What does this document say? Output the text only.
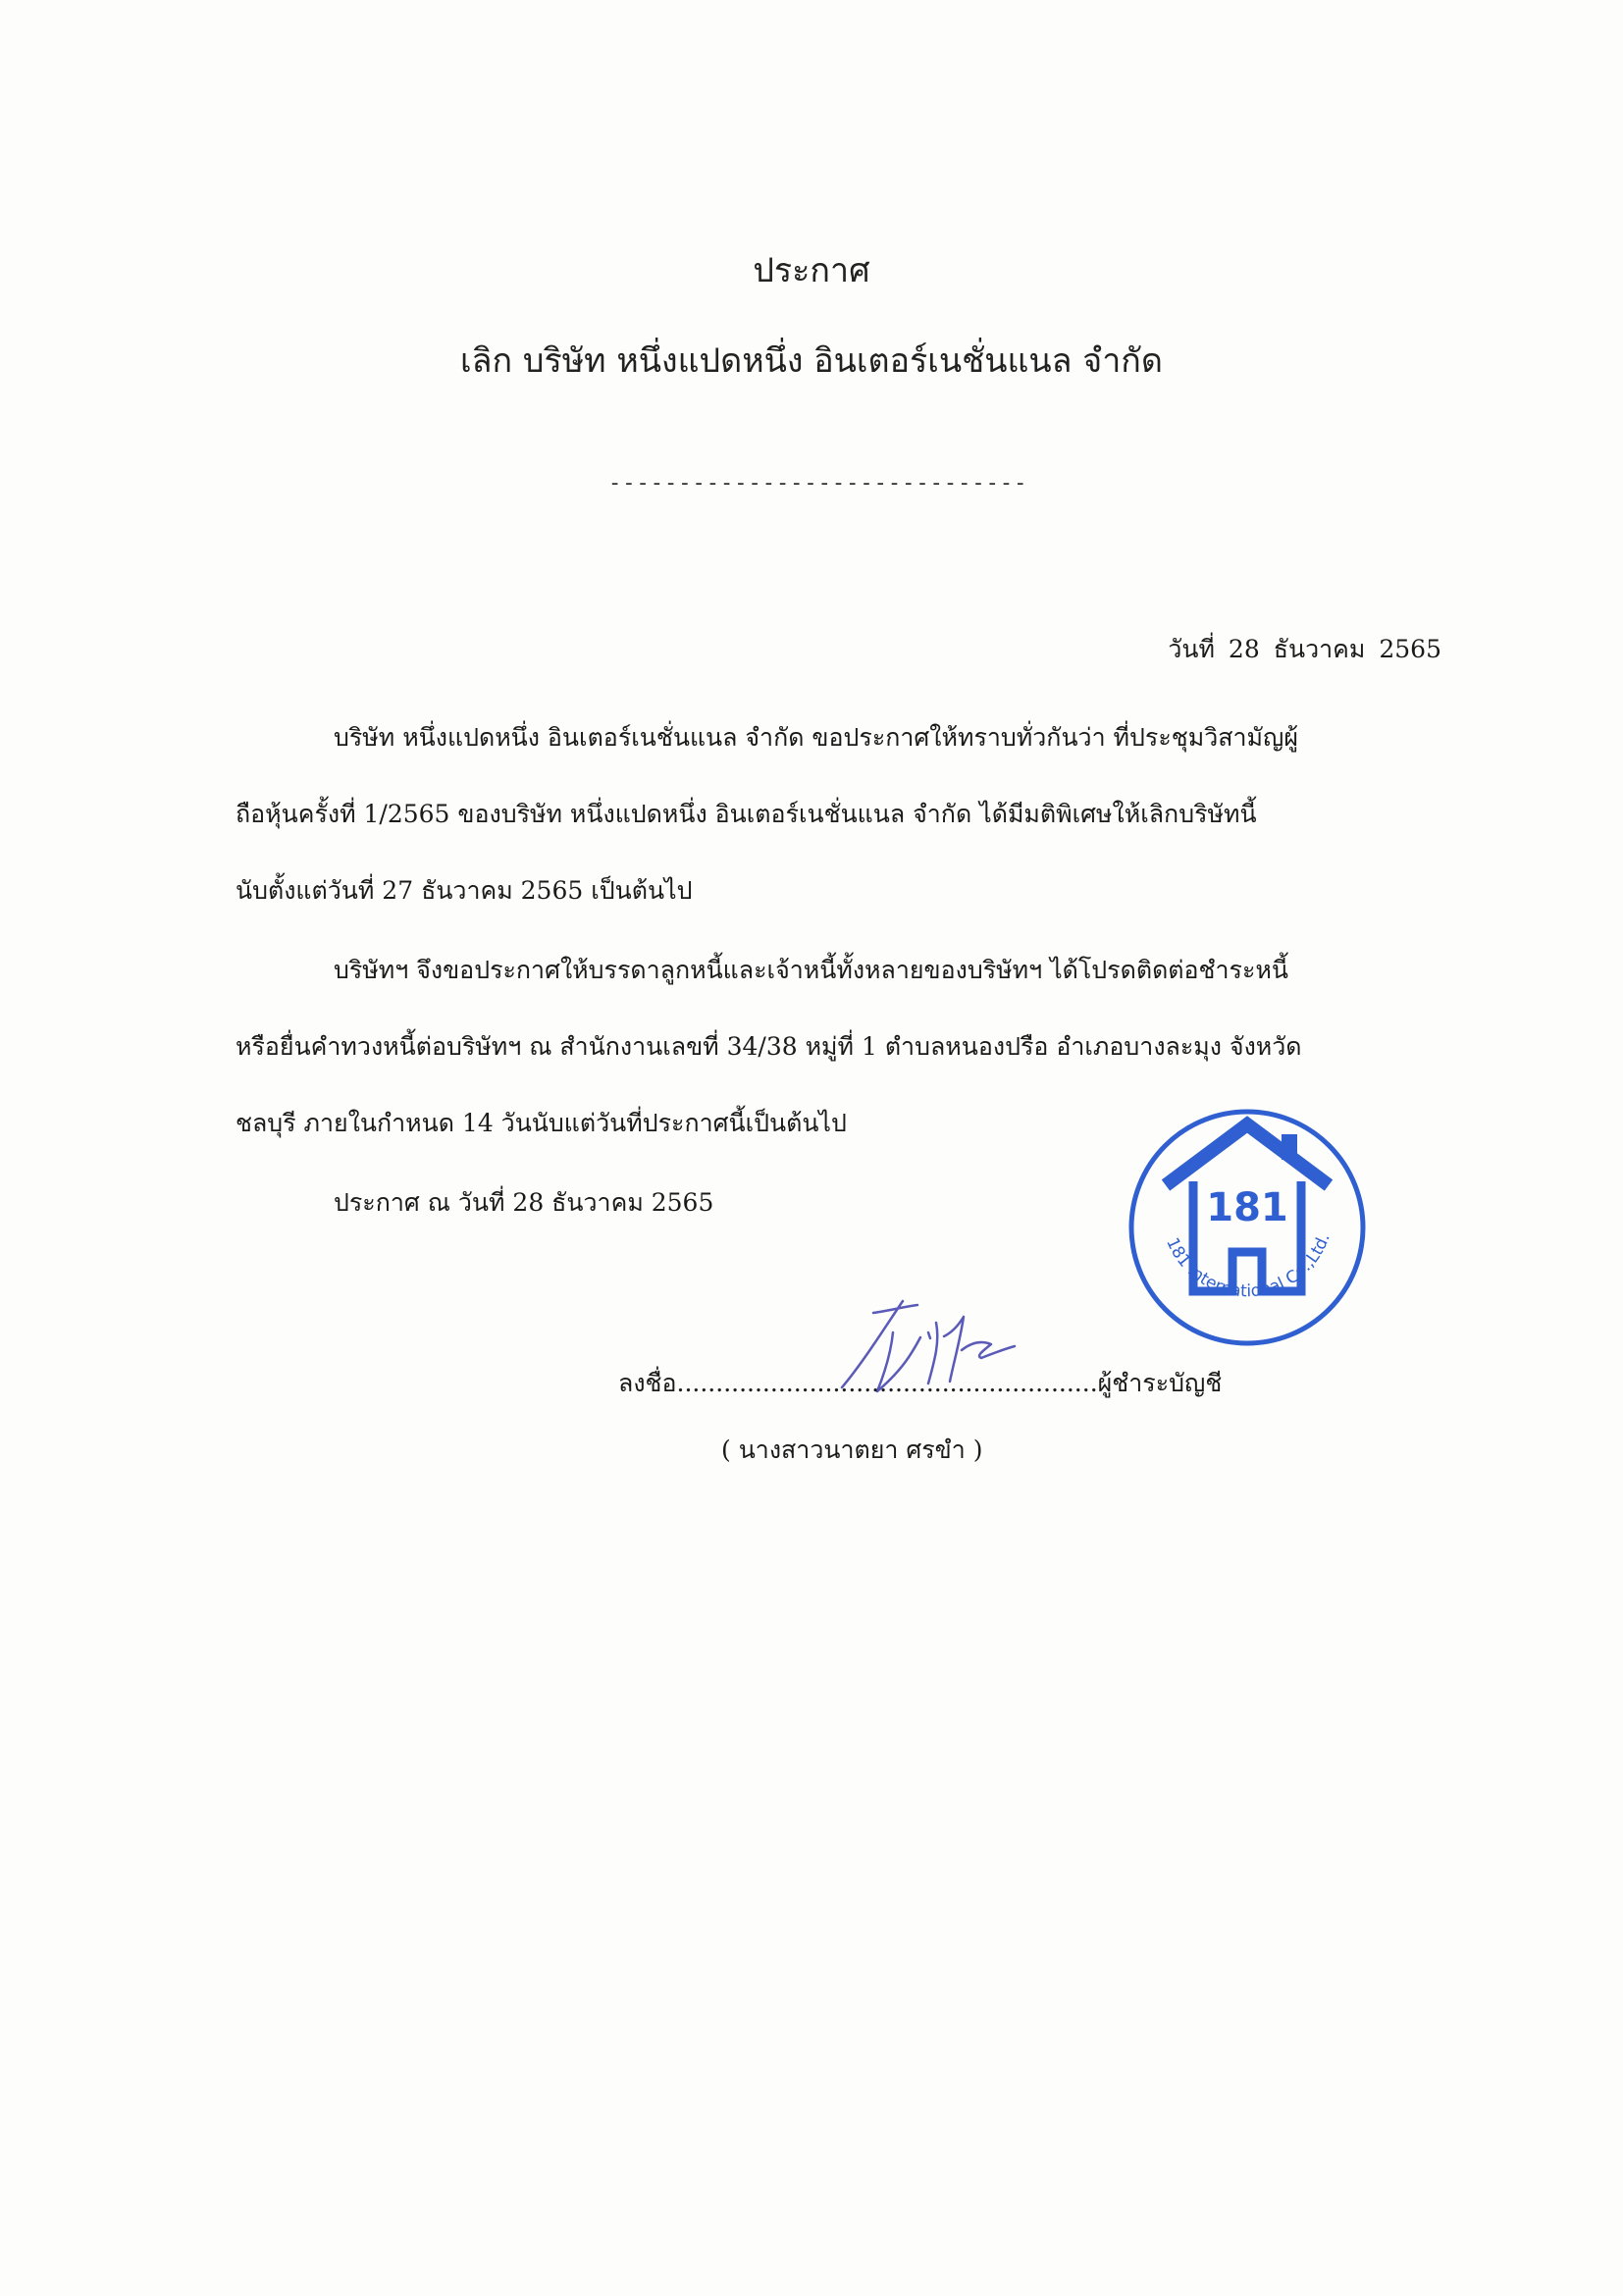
ประกาศ
เลิก บริษัท หนึ่งแปดหนึ่ง อินเตอร์เนชั่นแนล จำกัด
------------------------------
วันที่ 28 ธันวาคม 2565
บริษัท หนึ่งแปดหนึ่ง อินเตอร์เนชั่นแนล จำกัด ขอประกาศให้ทราบทั่วกันว่า ที่ประชุมวิสามัญผู้
ถือหุ้นครั้งที่ 1/2565 ของบริษัท หนึ่งแปดหนึ่ง อินเตอร์เนชั่นแนล จำกัด ได้มีมติพิเศษให้เลิกบริษัทนี้
นับตั้งแต่วันที่ 27 ธันวาคม 2565 เป็นต้นไป
บริษัทฯ จึงขอประกาศให้บรรดาลูกหนี้และเจ้าหนี้ทั้งหลายของบริษัทฯ ได้โปรดติดต่อชำระหนี้
หรือยื่นคำทวงหนี้ต่อบริษัทฯ ณ สำนักงานเลขที่ 34/38 หมู่ที่ 1 ตำบลหนองปรือ อำเภอบางละมุง จังหวัด
ชลบุรี ภายในกำหนด 14 วันนับแต่วันที่ประกาศนี้เป็นต้นไป
ประกาศ ณ วันที่ 28 ธันวาคม 2565	181
181 International Co.,Ltd.
ลงชื่อ......................................................ผู้ชำระบัญชี
( นางสาวนาตยา ศรขำ )
